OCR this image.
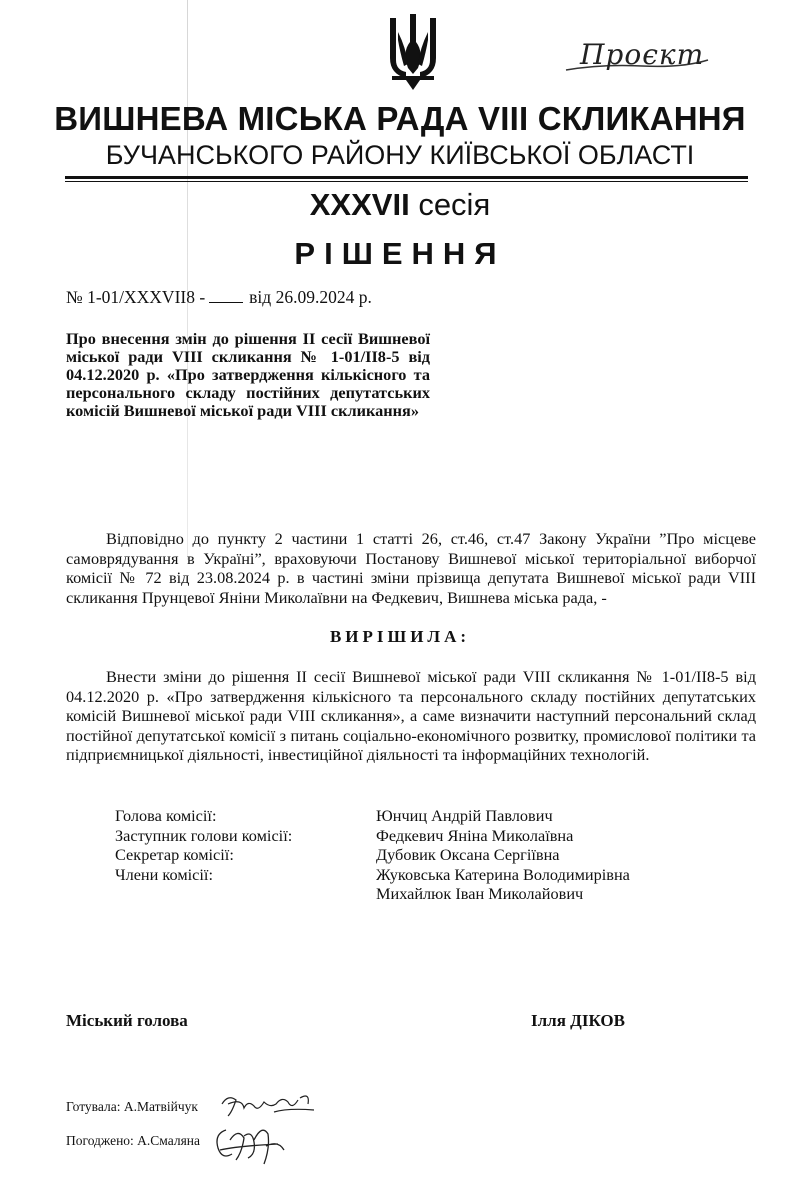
Проєкт
ВИШНЕВА МІСЬКА РАДА VIII СКЛИКАННЯ
БУЧАНСЬКОГО РАЙОНУ КИЇВСЬКОЇ ОБЛАСТІ
XXXVII сесія
РІШЕННЯ
№ 1-01/XXXVII8 -	від 26.09.2024 р.
Про внесення змін до рішення ІІ сесії Вишневої міської ради VIII скликання № 1-01/ІІ8-5 від 04.12.2020 р. «Про затвердження кількісного та персонального складу постійних депутатських комісій Вишневої міської ради VIII скликання»
Відповідно до пункту 2 частини 1 статті 26, ст.46, ст.47 Закону України ”Про місцеве самоврядування в Україні”, враховуючи Постанову Вишневої міської територіальної виборчої комісії № 72 від 23.08.2024 р. в частині зміни прізвища депутата Вишневої міської ради VIII скликання Прунцевої Яніни Миколаївни на Федкевич, Вишнева міська рада, -
ВИРІШИЛА:
Внести зміни до рішення ІІ сесії Вишневої міської ради VIII скликання № 1-01/ІІ8-5 від 04.12.2020 р. «Про затвердження кількісного та персонального складу постійних депутатських комісій Вишневої міської ради VIII скликання», а саме визначити наступний персональний склад постійної депутатської комісії з питань соціально-економічного розвитку, промислової політики та підприємницької діяльності, інвестиційної діяльності та інформаційних технологій.
Голова комісії:	Юнчиц Андрій Павлович
Заступник голови комісії:	Федкевич Яніна Миколаївна
Секретар комісії:	Дубовик Оксана Сергіївна
Члени комісії:	Жуковська Катерина Володимирівна
Михайлюк Іван Миколайович
Міський голова	Ілля ДІКОВ
Готувала: А.Матвійчук
Погоджено: А.Смаляна
